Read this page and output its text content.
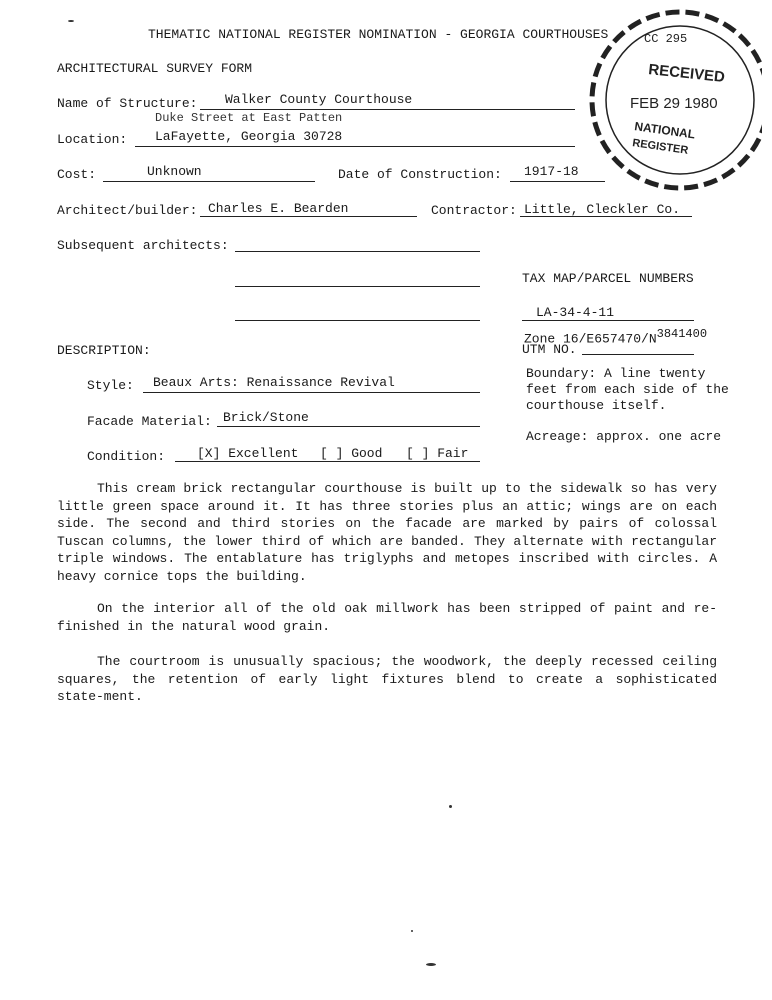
THEMATIC NATIONAL REGISTER NOMINATION - GEORGIA COURTHOUSES
ARCHITECTURAL SURVEY FORM
Name of Structure: Walker County Courthouse
Duke Street at East Patten
Location: LaFayette, Georgia 30728
Cost:	Unknown	Date of Construction: 1917-18
Architect/builder: Charles E. Bearden	Contractor: Little, Cleckler Co.
Subsequent architects:
TAX MAP/PARCEL NUMBERS
LA-34-4-11
Zone $16/E657470/N^{3841400}$
UTM NO.
DESCRIPTION:
Boundary: A line twenty feet from each side of the courthouse itself.
Acreage: approx. one acre
Style: Beaux Arts: Renaissance Revival
Facade Material: Brick/Stone
Condition: [X] Excellent [ ] Good [ ] Fair
This cream brick rectangular courthouse is built up to the sidewalk so has very little green space around it. It has three stories plus an attic; wings are on each side. The second and third stories on the facade are marked by pairs of colossal Tuscan columns, the lower third of which are banded. They alternate with rectangular triple windows. The entablature has triglyphs and metopes inscribed with circles. A heavy cornice tops the building.
On the interior all of the old oak millwork has been stripped of paint and re-finished in the natural wood grain.
The courtroom is unusually spacious; the woodwork, the deeply recessed ceiling squares, the retention of early light fixtures blend to create a sophisticated state-ment.
CC 295
RECEIVED
FEB 29 1980
NATIONAL
REGISTER
